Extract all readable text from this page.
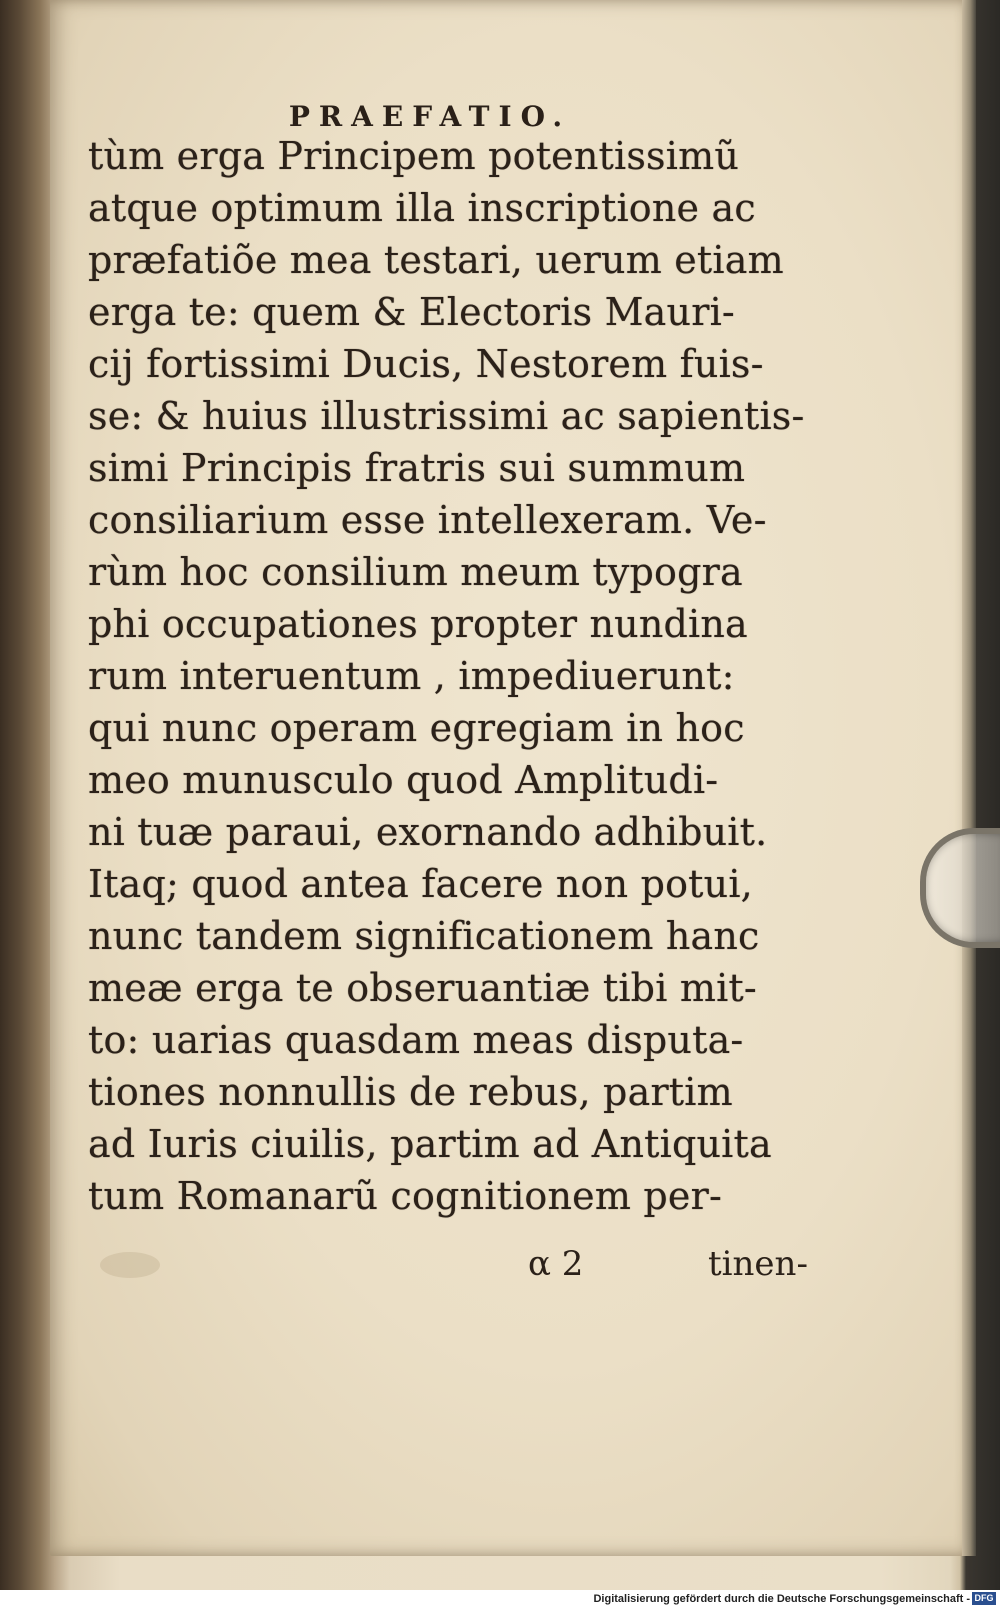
PRAEFATIO.
tùm erga Principem potentissimũ
atque optimum illa inscriptione ac
præfatiõe mea testari, uerum etiam
erga te: quem & Electoris Mauri-
cij fortissimi Ducis, Nestorem fuis-
se: & huius illustrissimi ac sapientis-
simi Principis fratris sui summum
consiliarium esse intellexeram. Ve-
rùm hoc consilium meum typogra
phi occupationes propter nundina
rum interuentum , impediuerunt:
qui nunc operam egregiam in hoc
meo munusculo quod Amplitudi-
ni tuæ paraui, exornando adhibuit.
Itaq; quod antea facere non potui,
nunc tandem significationem hanc
meæ erga te obseruantiæ tibi mit-
to: uarias quasdam meas disputa-
tiones nonnullis de rebus, partim
ad Iuris ciuilis, partim ad Antiquita
tum Romanarũ cognitionem per-
α 2	tinen-
Digitalisierung gefördert durch die Deutsche Forschungsgemeinschaft - DFG
